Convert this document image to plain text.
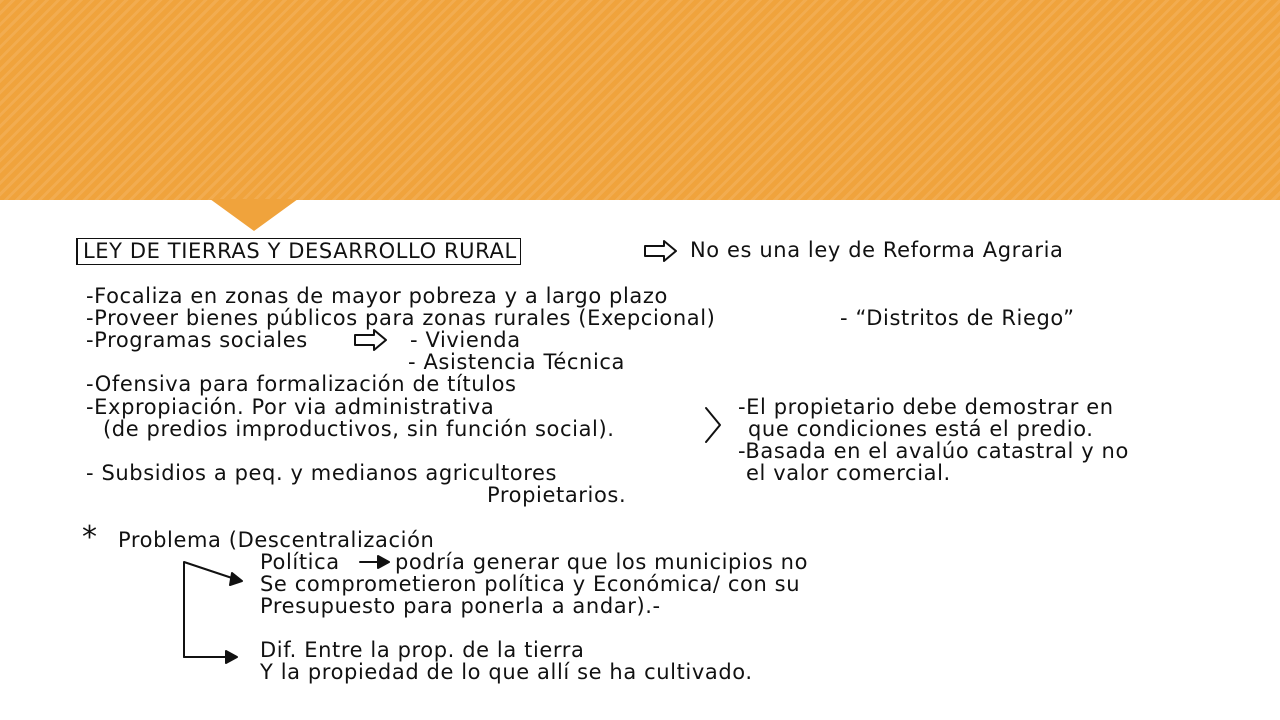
LEY DE TIERRAS Y DESARROLLO RURAL	No es una ley de Reforma Agraria
-Focaliza en zonas de mayor pobreza y a largo plazo
-Proveer bienes públicos para zonas rurales (Exepcional)	- “Distritos de Riego”
-Programas sociales	- Vivienda
- Asistencia Técnica
-Ofensiva para formalización de títulos
-Expropiación. Por via administrativa
(de predios improductivos, sin función social).
- Subsidios a peq. y medianos agricultores
Propietarios.
-El propietario debe demostrar en
que condiciones está el predio.
-Basada en el avalúo catastral y no
el valor comercial.
* Problema (Descentralización
Política	podría generar que los municipios no
Se comprometieron política y Económica/ con su
Presupuesto para ponerla a andar).-
Dif. Entre la prop. de la tierra
Y la propiedad de lo que allí se ha cultivado.
